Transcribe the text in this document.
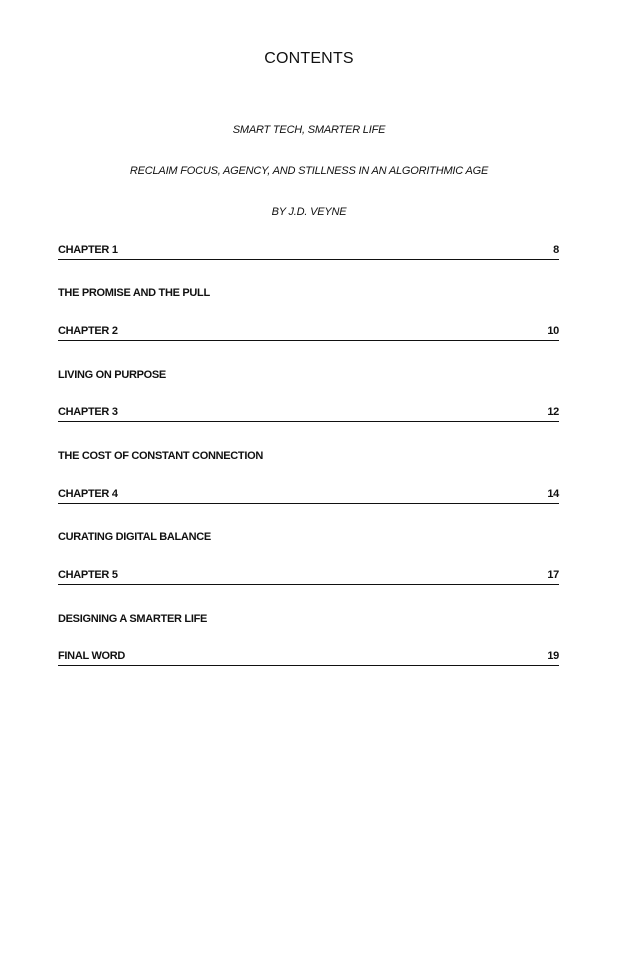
CONTENTS
SMART TECH, SMARTER LIFE
RECLAIM FOCUS, AGENCY, AND STILLNESS IN AN ALGORITHMIC AGE
BY J.D. VEYNE
CHAPTER 1	8
THE PROMISE AND THE PULL
CHAPTER 2	10
LIVING ON PURPOSE
CHAPTER 3	12
THE COST OF CONSTANT CONNECTION
CHAPTER 4	14
CURATING DIGITAL BALANCE
CHAPTER 5	17
DESIGNING A SMARTER LIFE
FINAL WORD	19
